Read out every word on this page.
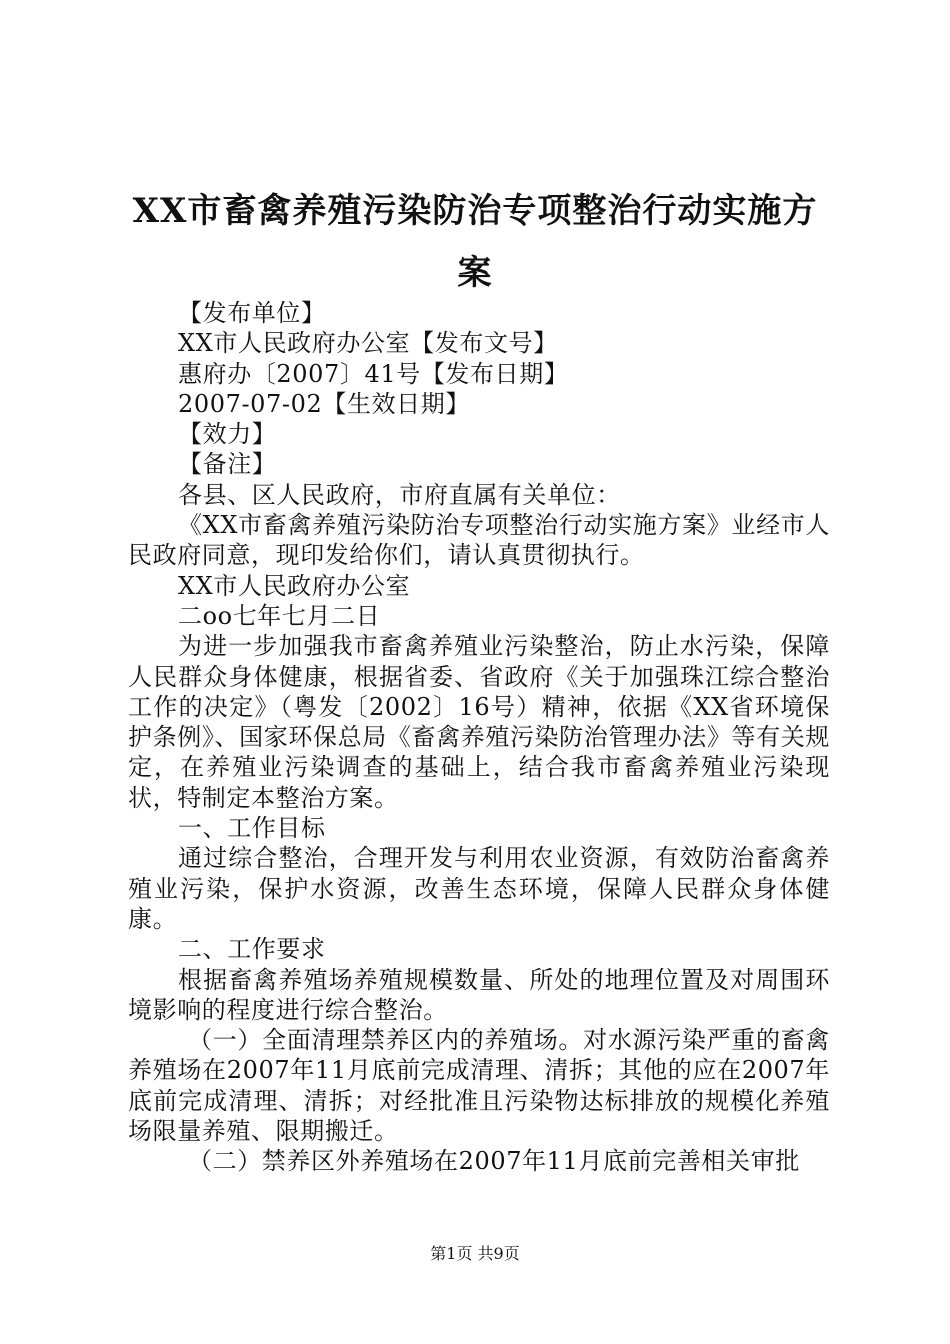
XX市畜禽养殖污染防治专项整治行动实施方案

【发布单位】

XX市人民政府办公室【发布文号】

惠府办〔2007〕41号【发布日期】

2007-07-02【生效日期】

【效力】

【备注】

各县、区人民政府，市府直属有关单位：

《XX市畜禽养殖污染防治专项整治行动实施方案》业经市人民政府同意，现印发给你们，请认真贯彻执行。

XX市人民政府办公室

二oo七年七月二日

为进一步加强我市畜禽养殖业污染整治，防止水污染，保障人民群众身体健康，根据省委、省政府《关于加强珠江综合整治工作的决定》（粤发〔2002〕16号）精神，依据《XX省环境保护条例》、国家环保总局《畜禽养殖污染防治管理办法》等有关规定，在养殖业污染调查的基础上，结合我市畜禽养殖业污染现状，特制定本整治方案。

一、工作目标

通过综合整治，合理开发与利用农业资源，有效防治畜禽养殖业污染，保护水资源，改善生态环境，保障人民群众身体健康。

二、工作要求

根据畜禽养殖场养殖规模数量、所处的地理位置及对周围环境影响的程度进行综合整治。

（一）全面清理禁养区内的养殖场。对水源污染严重的畜禽养殖场在2007年11月底前完成清理、清拆；其他的应在2007年底前完成清理、清拆；对经批准且污染物达标排放的规模化养殖场限量养殖、限期搬迁。

（二）禁养区外养殖场在2007年11月底前完善相关审批

第1页 共9页
